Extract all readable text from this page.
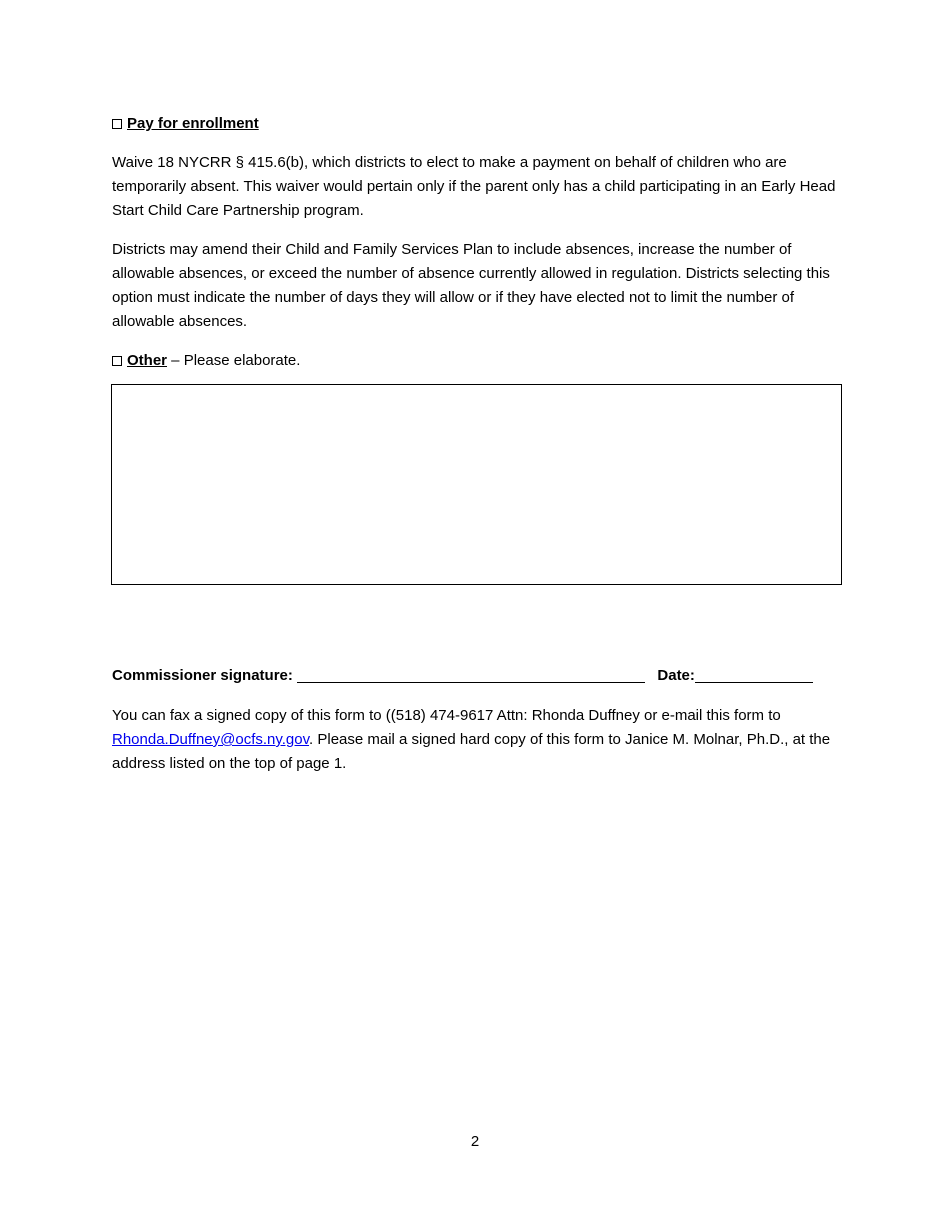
Pay for enrollment

Waive 18 NYCRR § 415.6(b), which districts to elect to make a payment on behalf of children who are temporarily absent. This waiver would pertain only if the parent only has a child participating in an Early Head Start Child Care Partnership program.

Districts may amend their Child and Family Services Plan to include absences, increase the number of allowable absences, or exceed the number of absence currently allowed in regulation. Districts selecting this option must indicate the number of days they will allow or if they have elected not to limit the number of allowable absences.

Other – Please elaborate.

Commissioner signature:	Date:

You can fax a signed copy of this form to ((518) 474-9617 Attn: Rhonda Duffney or e-mail this form to Rhonda.Duffney@ocfs.ny.gov. Please mail a signed hard copy of this form to Janice M. Molnar, Ph.D., at the address listed on the top of page 1.

2
